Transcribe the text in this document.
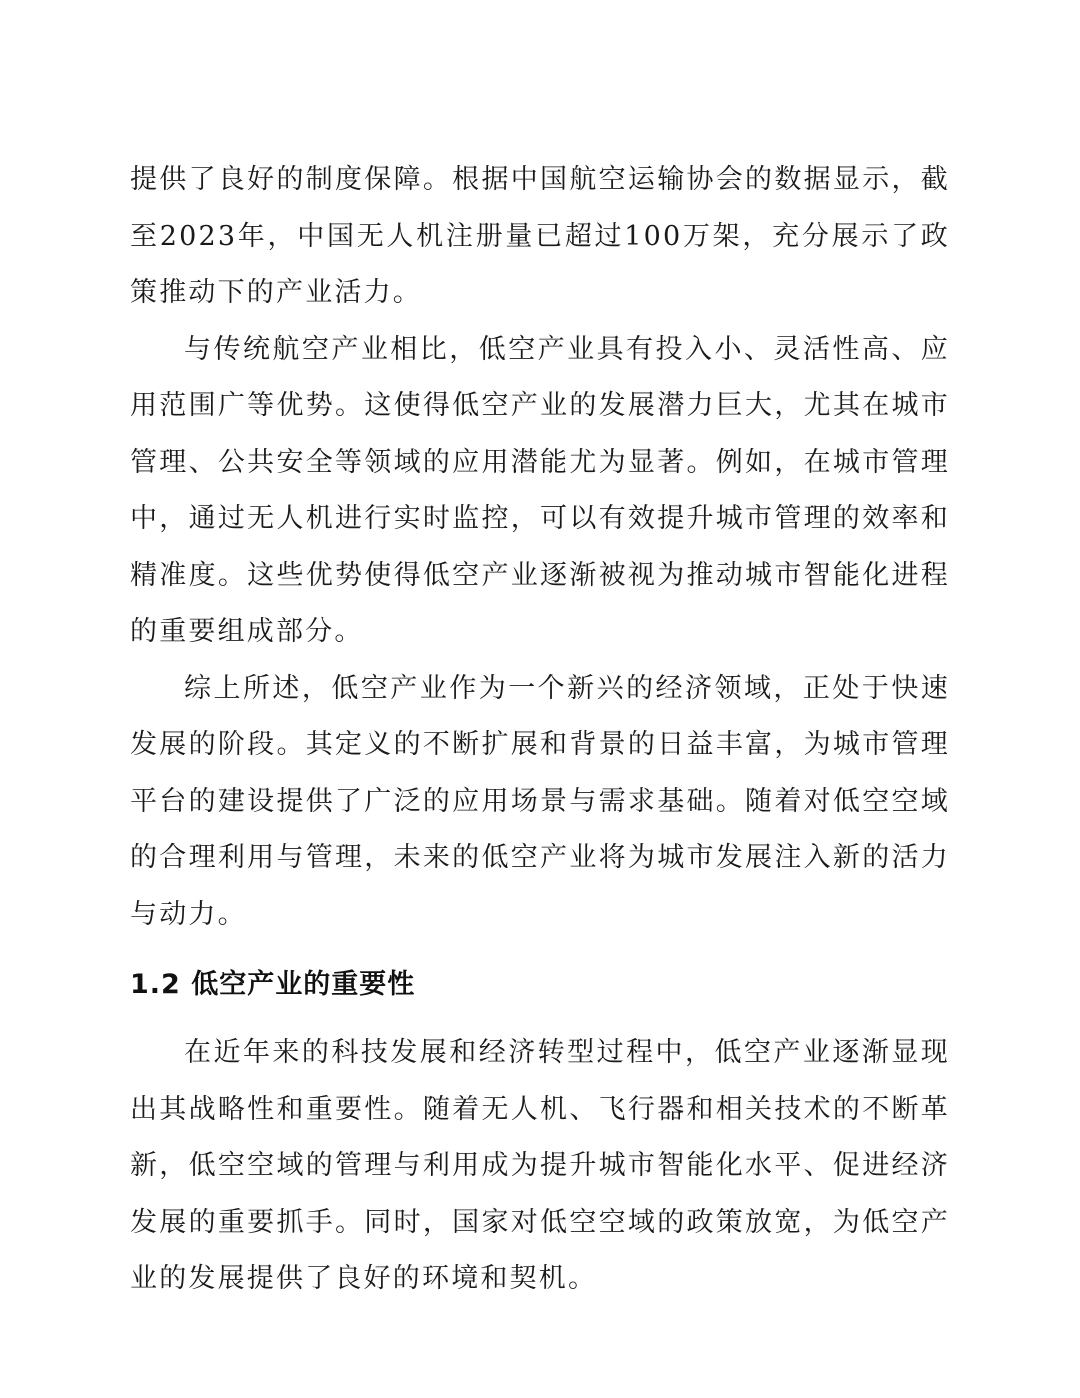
提供了良好的制度保障。根据中国航空运输协会的数据显示，截至2023年，中国无人机注册量已超过100万架，充分展示了政策推动下的产业活力。

与传统航空产业相比，低空产业具有投入小、灵活性高、应用范围广等优势。这使得低空产业的发展潜力巨大，尤其在城市管理、公共安全等领域的应用潜能尤为显著。例如，在城市管理中，通过无人机进行实时监控，可以有效提升城市管理的效率和精准度。这些优势使得低空产业逐渐被视为推动城市智能化进程的重要组成部分。

综上所述，低空产业作为一个新兴的经济领域，正处于快速发展的阶段。其定义的不断扩展和背景的日益丰富，为城市管理平台的建设提供了广泛的应用场景与需求基础。随着对低空空域的合理利用与管理，未来的低空产业将为城市发展注入新的活力与动力。

1.2 低空产业的重要性

在近年来的科技发展和经济转型过程中，低空产业逐渐显现出其战略性和重要性。随着无人机、飞行器和相关技术的不断革新，低空空域的管理与利用成为提升城市智能化水平、促进经济发展的重要抓手。同时，国家对低空空域的政策放宽，为低空产业的发展提供了良好的环境和契机。
